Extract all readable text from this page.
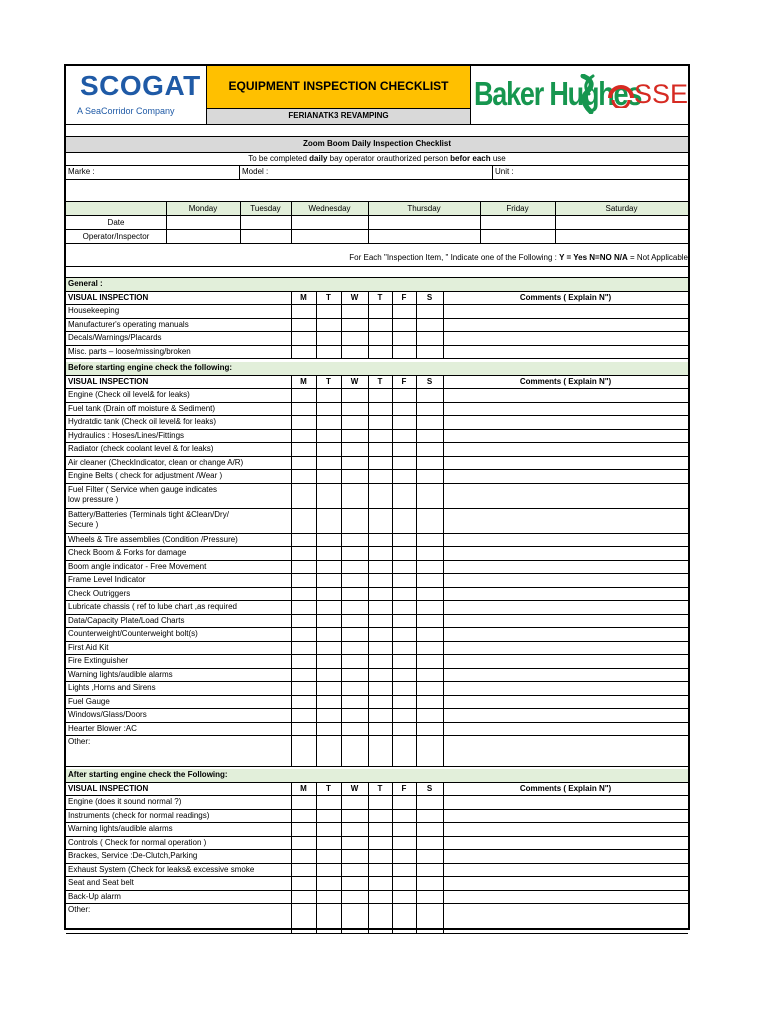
SCOGAT
A SeaCorridor Company
EQUIPMENT INSPECTION CHECKLIST
FERIANATK3 REVAMPING
Baker Hughes
SSE
Zoom Boom Daily Inspection Checklist
To be completed daily bay operator orauthorized person befor each use
Marke :	Model :	Unit :
For Each "Inspection Item, " Indicate one of the Following : Y = Yes N=NO N/A = Not Applicable
Monday	Tuesday	Wednesday	Thursday	Friday	Saturday
Date
Operator/Inspector
General :
VISUAL INSPECTION	M	T	W	T	F	S	Comments ( Explain N")
Housekeeping
Manufacturer's operating manuals
Decals/Warnings/Placards
Misc. parts – loose/missing/broken
Before starting engine check the following:
VISUAL INSPECTION	M	T	W	T	F	S	Comments ( Explain N")
Engine (Check oil level& for leaks)
Fuel tank (Drain off moisture & Sediment)
Hydratdic tank (Check oil level& for leaks)
Hydraulics : Hoses/Lines/Fittings
Radiator (check coolant level & for leaks)
Air cleaner (CheckIndicator, clean or change A/R)
Engine Belts ( check for adjustment /Wear )
Fuel Filter ( Service when gauge indicates
low pressure )
Battery/Batteries (Terminals tight &Clean/Dry/
Secure )
Wheels & Tire assemblies (Condition /Pressure)
Check Boom & Forks for damage
Boom angle indicator - Free Movement
Frame Level Indicator
Check Outriggers
Lubricate chassis ( ref to lube chart ,as required
Data/Capacity Plate/Load Charts
Counterweight/Counterweight bolt(s)
First Aid Kit
Fire Extinguisher
Warning lights/audible alarms
Lights ,Horns and Sirens
Fuel Gauge
Windows/Glass/Doors
Hearter Blower :AC
Other:
After starting engine check the Following:
VISUAL INSPECTION	M	T	W	T	F	S	Comments ( Explain N")
Engine (does it sound normal ?)
Instruments (check for normal readings)
Warning lights/audible alarms
Controls ( Check for normal operation )
Brackes, Service :De-Clutch,Parking
Exhaust System (Check for leaks& excessive smoke
Seat and Seat belt
Back-Up alarm
Other:
